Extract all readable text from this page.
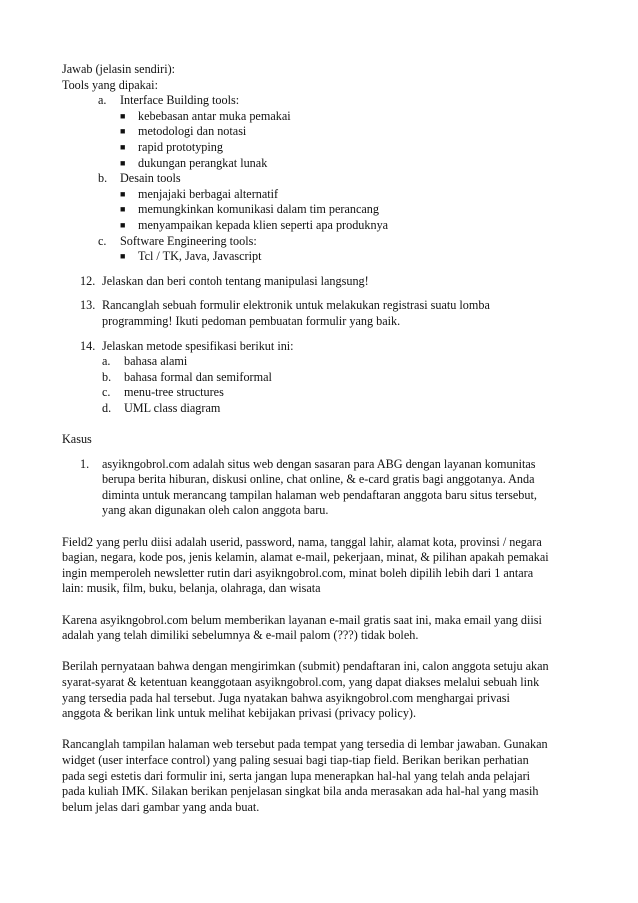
Jawab (jelasin sendiri):
Tools yang dipakai:
a.	Interface Building tools:
■	kebebasan antar muka pemakai
■	metodologi dan notasi
■	rapid prototyping
■	dukungan perangkat lunak
b.	Desain tools
■	menjajaki berbagai alternatif
■	memungkinkan komunikasi dalam tim perancang
■	menyampaikan kepada klien seperti apa produknya
c.	Software Engineering tools:
■	Tcl / TK, Java, Javascript
12. Jelaskan dan beri contoh tentang manipulasi langsung!
13. Rancanglah sebuah formulir elektronik untuk melakukan registrasi suatu lomba
programming! Ikuti pedoman pembuatan formulir yang baik.
14. Jelaskan metode spesifikasi berikut ini:
a.	bahasa alami
b.	bahasa formal dan semiformal
c.	menu-tree structures
d.	UML class diagram
Kasus
1.	asyikngobrol.com adalah situs web dengan sasaran para ABG dengan layanan komunitas
berupa berita hiburan, diskusi online, chat online, & e-card gratis bagi anggotanya. Anda
diminta untuk merancang tampilan halaman web pendaftaran anggota baru situs tersebut,
yang akan digunakan oleh calon anggota baru.
Field2 yang perlu diisi adalah userid, password, nama, tanggal lahir, alamat kota, provinsi / negara
bagian, negara, kode pos, jenis kelamin, alamat e-mail, pekerjaan, minat, & pilihan apakah pemakai
ingin memperoleh newsletter rutin dari asyikngobrol.com, minat boleh dipilih lebih dari 1 antara
lain: musik, film, buku, belanja, olahraga, dan wisata
Karena asyikngobrol.com belum memberikan layanan e-mail gratis saat ini, maka email yang diisi
adalah yang telah dimiliki sebelumnya & e-mail palom (???) tidak boleh.
Berilah pernyataan bahwa dengan mengirimkan (submit) pendaftaran ini, calon anggota setuju akan
syarat-syarat & ketentuan keanggotaan asyikngobrol.com, yang dapat diakses melalui sebuah link
yang tersedia pada hal tersebut. Juga nyatakan bahwa asyikngobrol.com menghargai privasi
anggota & berikan link untuk melihat kebijakan privasi (privacy policy).
Rancanglah tampilan halaman web tersebut pada tempat yang tersedia di lembar jawaban. Gunakan
widget (user interface control) yang paling sesuai bagi tiap-tiap field. Berikan berikan perhatian
pada segi estetis dari formulir ini, serta jangan lupa menerapkan hal-hal yang telah anda pelajari
pada kuliah IMK. Silakan berikan penjelasan singkat bila anda merasakan ada hal-hal yang masih
belum jelas dari gambar yang anda buat.
